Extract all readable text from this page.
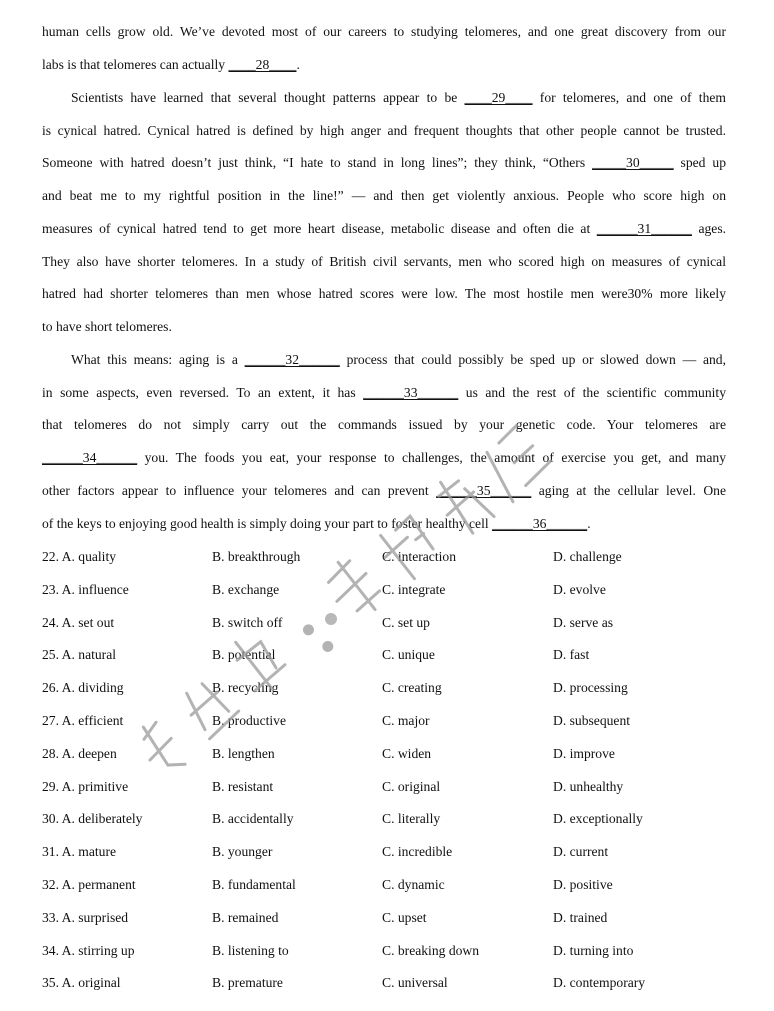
human cells grow old. We’ve devoted most of our careers to studying telomeres, and one great discovery from our
labs is that telomeres can actually ____28____.
Scientists have learned that several thought patterns appear to be ____29____ for telomeres, and one of them
is cynical hatred. Cynical hatred is defined by high anger and frequent thoughts that other people cannot be trusted.
Someone with hatred doesn’t just think, “I hate to stand in long lines”; they think, “Others _____30_____ sped up
and beat me to my rightful position in the line!” — and then get violently anxious. People who score high on
measures of cynical hatred tend to get more heart disease, metabolic disease and often die at ______31______ ages.
They also have shorter telomeres. In a study of British civil servants, men who scored high on measures of cynical
hatred had shorter telomeres than men whose hatred scores were low. The most hostile men were30% more likely
to have short telomeres.
What this means: aging is a ______32______ process that could possibly be sped up or slowed down — and,
in some aspects, even reversed. To an extent, it has ______33______ us and the rest of the scientific community
that telomeres do not simply carry out the commands issued by your genetic code. Your telomeres are
______34______ you. The foods you eat, your response to challenges, the amount of exercise you get, and many
other factors appear to influence your telomeres and can prevent ______35______ aging at the cellular level. One
of the keys to enjoying good health is simply doing your part to foster healthy cell ______36______.
22. A. quality	B. breakthrough	C. interaction	D. challenge
23. A. influence	B. exchange	C. integrate	D. evolve
24. A. set out	B. switch off	C. set up	D. serve as
25. A. natural	B. potential	C. unique	D. fast
26. A. dividing	B. recycling	C. creating	D. processing
27. A. efficient	B. productive	C. major	D. subsequent
28. A. deepen	B. lengthen	C. widen	D. improve
29. A. primitive	B. resistant	C. original	D. unhealthy
30. A. deliberately	B. accidentally	C. literally	D. exceptionally
31. A. mature	B. younger	C. incredible	D. current
32. A. permanent	B. fundamental	C. dynamic	D. positive
33. A. surprised	B. remained	C. upset	D. trained
34. A. stirring up	B. listening to	C. breaking down	D. turning into
35. A. original	B. premature	C. universal	D. contemporary
公众号：学词别慌张
